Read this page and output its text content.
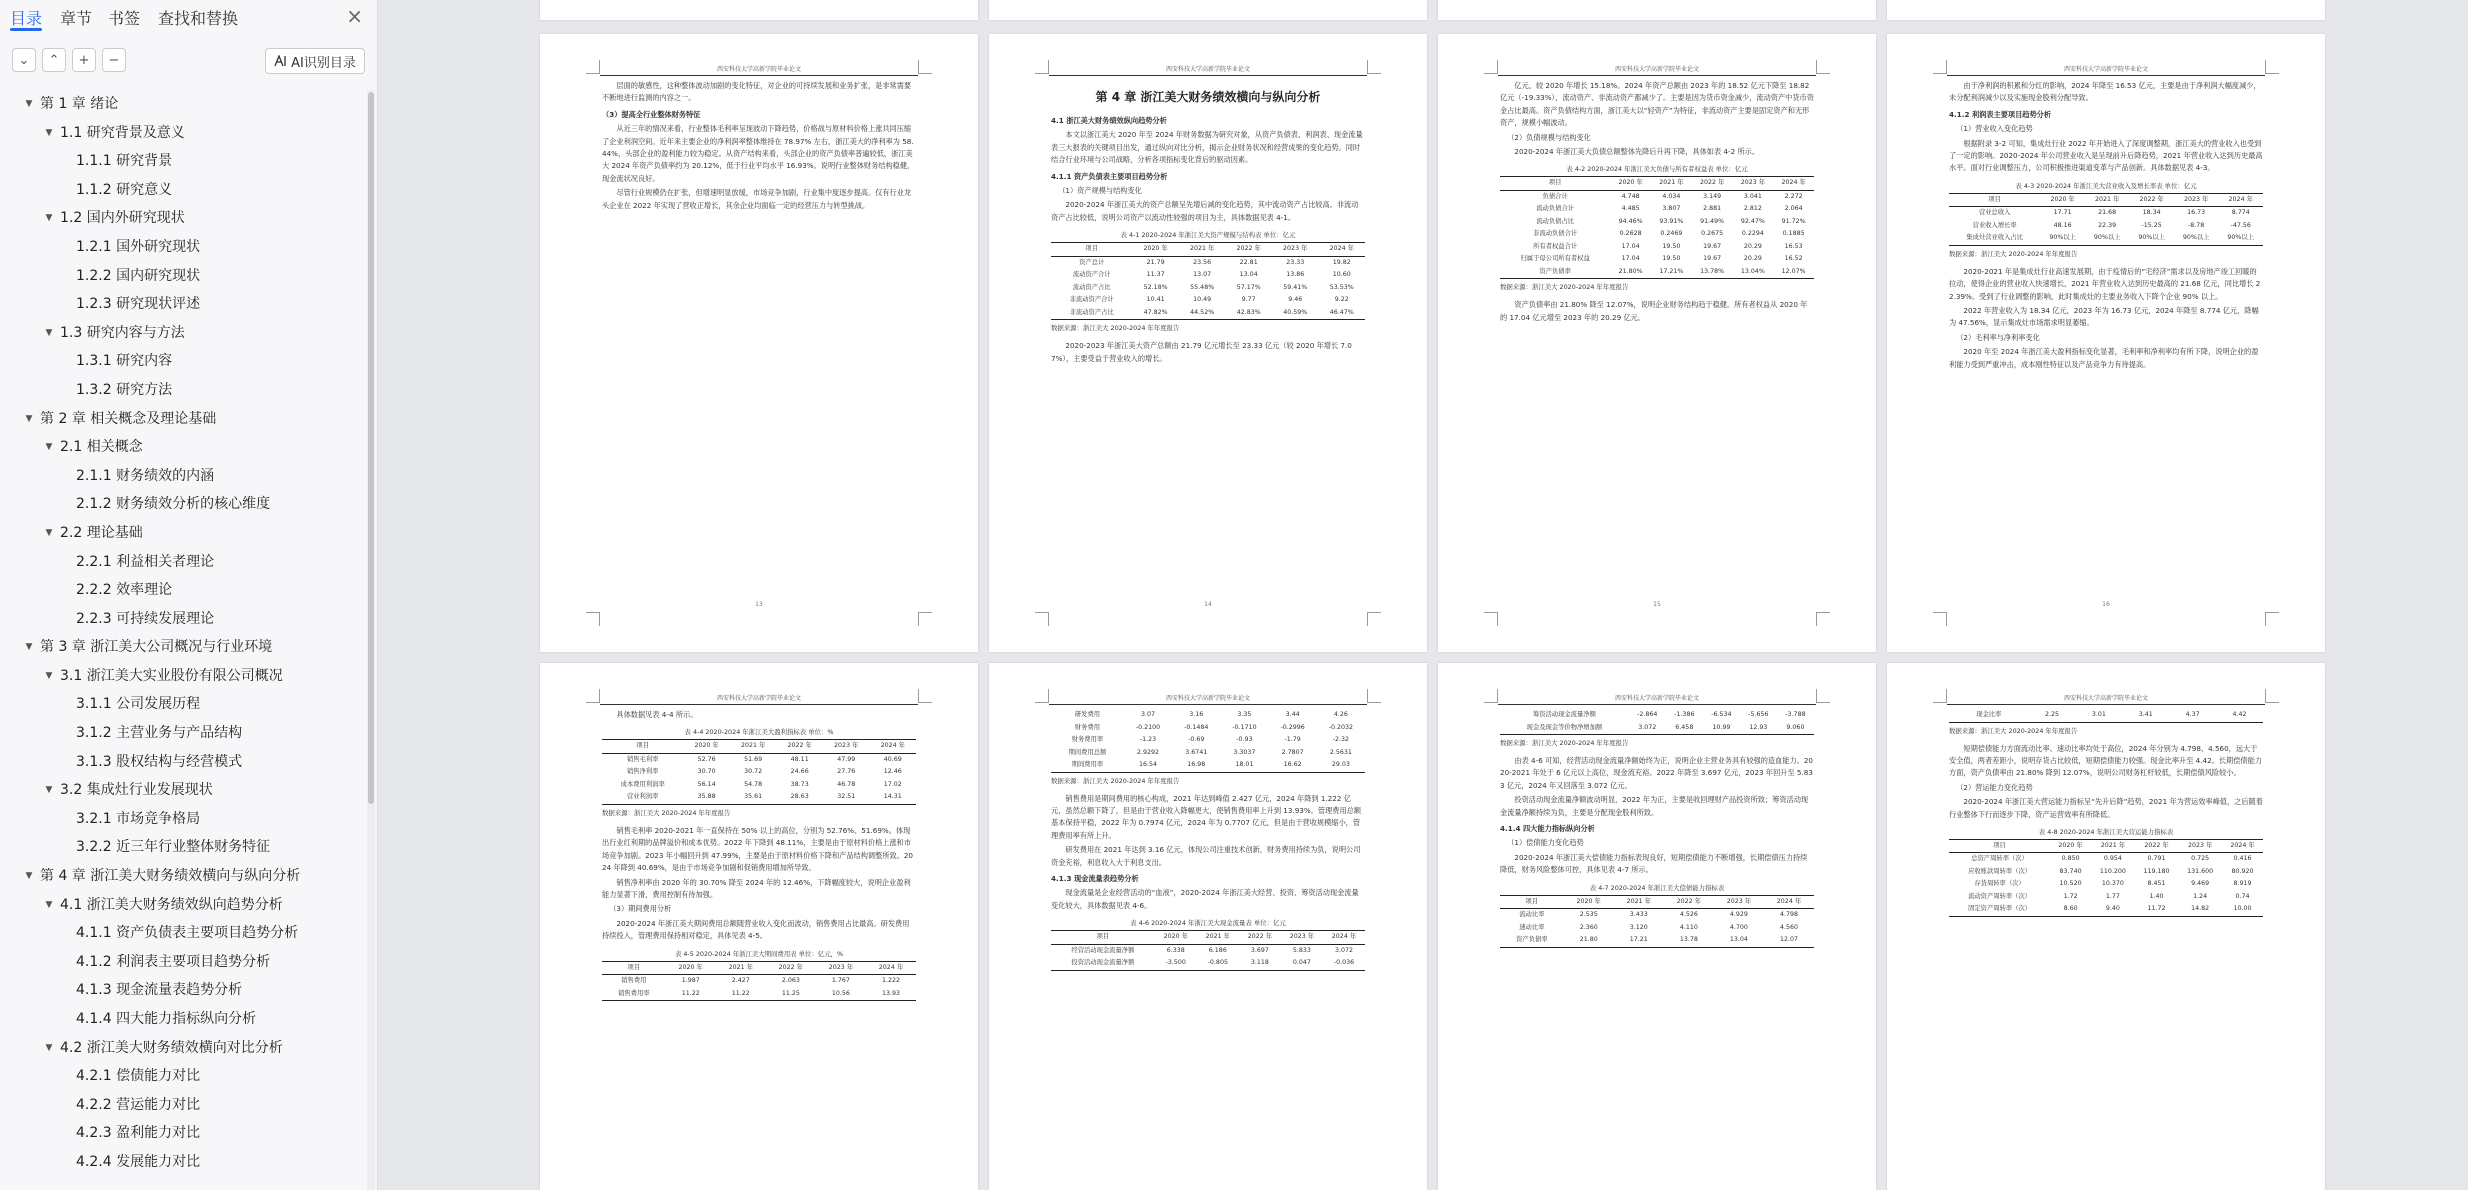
目录 章节 书签 查找和替换	×
⌄	⌃	+	−	AI识别目录
▼ 第 1 章 绪论
▼ 1.1 研究背景及意义
1.1.1 研究背景
1.1.2 研究意义
▼ 1.2 国内外研究现状
1.2.1 国外研究现状
1.2.2 国内研究现状
1.2.3 研究现状评述
▼ 1.3 研究内容与方法
1.3.1 研究内容
1.3.2 研究方法
▼ 第 2 章 相关概念及理论基础
▼ 2.1 相关概念
2.1.1 财务绩效的内涵
2.1.2 财务绩效分析的核心维度
▼ 2.2 理论基础
2.2.1 利益相关者理论
2.2.2 效率理论
2.2.3 可持续发展理论
▼ 第 3 章 浙江美大公司概况与行业环境
▼ 3.1 浙江美大实业股份有限公司概况
3.1.1 公司发展历程
3.1.2 主营业务与产品结构
3.1.3 股权结构与经营模式
▼ 3.2 集成灶行业发展现状
3.2.1 市场竞争格局
3.2.2 近三年行业整体财务特征
▼ 第 4 章 浙江美大财务绩效横向与纵向分析
▼ 4.1 浙江美大财务绩效纵向趋势分析
4.1.1 资产负债表主要项目趋势分析
4.1.2 利润表主要项目趋势分析
4.1.3 现金流量表趋势分析
4.1.4 四大能力指标纵向分析
▼ 4.2 浙江美大财务绩效横向对比分析
4.2.1 偿债能力对比
4.2.2 营运能力对比
4.2.3 盈利能力对比
4.2.4 发展能力对比
西安科技大学高新学院毕业论文
层面的敏感性，这种整体波动加剧的变化特征，对企业的可持续发展和业务扩张，是非常需要不断地进行监测的内容之一。
（3）提高全行业整体财务特征
从近三年的情况来看，行业整体毛利率呈现波动下降趋势，价格战与原材料价格上涨共同压缩了企业利润空间。近年来主要企业的净利润率整体维持在 78.97% 左右，浙江美大的净利率为 58.44%，头部企业的盈利能力较为稳定。从资产结构来看，头部企业的资产负债率普遍较低，浙江美大 2024 年资产负债率约为 20.12%，低于行业平均水平 16.93%。说明行业整体财务结构稳健，现金流状况良好。
尽管行业规模仍在扩张，但增速明显放缓，市场竞争加剧，行业集中度逐步提高。仅有行业龙头企业在 2022 年实现了营收正增长，其余企业均面临一定的经营压力与转型挑战。
13
西安科技大学高新学院毕业论文
第 4 章 浙江美大财务绩效横向与纵向分析
4.1 浙江美大财务绩效纵向趋势分析
本文以浙江美大 2020 年至 2024 年财务数据为研究对象，从资产负债表、利润表、现金流量表三大报表的关键项目出发，通过纵向对比分析，揭示企业财务状况和经营成果的变化趋势。同时结合行业环境与公司战略，分析各项指标变化背后的驱动因素。
4.1.1 资产负债表主要项目趋势分析
（1）资产规模与结构变化
2020-2024 年浙江美大的资产总额呈先增后减的变化趋势，其中流动资产占比较高。非流动资产占比较低，说明公司资产以流动性较强的项目为主，具体数据见表 4-1。
表 4-1 2020-2024 年浙江美大资产规模与结构表 单位：亿元
项目	2020 年	2021 年	2022 年	2023 年	2024 年
资产总计	21.79	23.56	22.81	23.33	19.82
流动资产合计	11.37	13.07	13.04	13.86	10.60
流动资产占比	52.18%	55.48%	57.17%	59.41%	53.53%
非流动资产合计	10.41	10.49	9.77	9.46	9.22
非流动资产占比	47.82%	44.52%	42.83%	40.59%	46.47%
数据来源：浙江美大 2020-2024 年年度报告
2020-2023 年浙江美大资产总额由 21.79 亿元增长至 23.33 亿元（较 2020 年增长 7.07%），主要受益于营业收入的增长。
14
西安科技大学高新学院毕业论文
亿元，较 2020 年增长 15.18%。2024 年资产总额由 2023 年的 18.52 亿元下降至 18.82 亿元（-19.33%），流动资产、非流动资产都减少了。主要是因为货币资金减少，流动资产中货币资金占比最高。资产负债结构方面，浙江美大以“轻资产”为特征，非流动资产主要是固定资产和无形资产，规模小幅波动。
（2）负债规模与结构变化
2020-2024 年浙江美大负债总额整体先降后升再下降，具体如表 4-2 所示。
表 4-2 2020-2024 年浙江美大负债与所有者权益表 单位：亿元
项目	2020 年	2021 年	2022 年	2023 年	2024 年
负债合计	4.748	4.034	3.149	3.041	2.272
流动负债合计	4.485	3.807	2.881	2.812	2.064
流动负债占比	94.46%	93.91%	91.49%	92.47%	91.72%
非流动负债合计	0.2628	0.2469	0.2675	0.2294	0.1885
所有者权益合计	17.04	19.50	19.67	20.29	16.53
归属于母公司所有者权益	17.04	19.50	19.67	20.29	16.52
资产负债率	21.80%	17.21%	13.78%	13.04%	12.07%
数据来源：浙江美大 2020-2024 年年度报告
资产负债率由 21.80% 降至 12.07%，说明企业财务结构趋于稳健。所有者权益从 2020 年的 17.04 亿元增至 2023 年的 20.29 亿元。
15
西安科技大学高新学院毕业论文
由于净利润的积累和分红的影响，2024 年降至 16.53 亿元，主要是由于净利润大幅度减少，未分配利润减少以及实施现金股利分配导致。
4.1.2 利润表主要项目趋势分析
（1）营业收入变化趋势
根据附录 3-2 可知，集成灶行业 2022 年开始进入了深度调整期，浙江美大的营业收入也受到了一定的影响。2020-2024 年公司营业收入是呈现前升后降趋势，2021 年营业收入达到历史最高水平。面对行业调整压力，公司积极推进渠道变革与产品创新。具体数据见表 4-3。
表 4-3 2020-2024 年浙江美大营业收入及增长率表 单位：亿元
项目	2020 年	2021 年	2022 年	2023 年	2024 年
营业总收入	17.71	21.68	18.34	16.73	8.774
营业收入增长率	48.16	22.39	-15.25	-8.78	-47.56
集成灶营业收入占比	90%以上	90%以上	90%以上	90%以上	90%以上
数据来源：浙江美大 2020-2024 年年度报告
2020-2021 年是集成灶行业高速发展期，由于疫情后的“宅经济”需求以及房地产竣工回暖的拉动，使得企业的营业收入快速增长，2021 年营业收入达到历史最高的 21.68 亿元，同比增长 22.39%。受到了行业调整的影响，此时集成灶的主要业务收入下降个企业 90% 以上。
2022 年营业收入为 18.34 亿元，2023 年为 16.73 亿元，2024 年降至 8.774 亿元，降幅为 47.56%，显示集成灶市场需求明显萎缩。
（2）毛利率与净利率变化
2020 年至 2024 年浙江美大盈利指标变化显著，毛利率和净利率均有所下降，说明企业的盈利能力受到严重冲击，成本刚性特征以及产品竞争力有待提高。
16
西安科技大学高新学院毕业论文
具体数据见表 4-4 所示。
表 4-4 2020-2024 年浙江美大盈利指标表 单位：%
项目	2020 年	2021 年	2022 年	2023 年	2024 年
销售毛利率	52.76	51.69	48.11	47.99	40.69
销售净利率	30.70	30.72	24.66	27.76	12.46
成本费用利润率	56.14	54.78	38.73	46.78	17.02
营业利润率	35.88	35.61	28.63	32.51	14.31
数据来源：浙江美大 2020-2024 年年度报告
销售毛利率 2020-2021 年一直保持在 50% 以上的高位，分别为 52.76%、51.69%。体现出行业红利期的品牌溢价和成本优势。2022 年下降到 48.11%，主要是由于原材料价格上涨和市场竞争加剧。2023 年小幅回升到 47.99%，主要是由于原材料价格下降和产品结构调整所致。2024 年降到 40.69%，是由于市场竞争加剧和促销费用增加所导致。
销售净利率由 2020 年的 30.70% 降至 2024 年的 12.46%，下降幅度较大，说明企业盈利能力显著下滑，费用控制有待加强。
（3）期间费用分析
2020-2024 年浙江美大期间费用总额随营业收入变化而波动，销售费用占比最高。研发费用持续投入，管理费用保持相对稳定，具体见表 4-5。
表 4-5 2020-2024 年浙江美大期间费用表 单位：亿元，%
项目	2020 年	2021 年	2022 年	2023 年	2024 年
销售费用	1.987	2.427	2.063	1.767	1.222
销售费用率	11.22	11.22	11.25	10.56	13.93
西安科技大学高新学院毕业论文
研发费用	3.07	3.16	3.35	3.44	4.26
财务费用	-0.2100	-0.1484	-0.1710	-0.2996	-0.2032
财务费用率	-1.23	-0.69	-0.93	-1.79	-2.32
期间费用总额	2.9292	3.6741	3.3037	2.7807	2.5631
期间费用率	16.54	16.98	18.01	16.62	29.03
数据来源：浙江美大 2020-2024 年年度报告
销售费用是期间费用的核心构成，2021 年达到峰值 2.427 亿元，2024 年降到 1.222 亿元，虽然总额下降了，但是由于营业收入降幅更大，使销售费用率上升到 13.93%。管理费用总额基本保持平稳，2022 年为 0.7974 亿元，2024 年为 0.7707 亿元，但是由于营收规模缩小，管理费用率有所上升。
研发费用在 2021 年达到 3.16 亿元，体现公司注重技术创新，财务费用持续为负，说明公司资金充裕，利息收入大于利息支出。
4.1.3 现金流量表趋势分析
现金流量是企业经营活动的“血液”，2020-2024 年浙江美大经营、投资、筹资活动现金流量变化较大，具体数据见表 4-6。
表 4-6 2020-2024 年浙江美大现金流量表 单位：亿元
项目	2020 年	2021 年	2022 年	2023 年	2024 年
经营活动现金流量净额	6.338	6.186	3.697	5.833	3.072
投资活动现金流量净额	-3.500	-0.805	3.118	0.047	-0.036
西安科技大学高新学院毕业论文
筹资活动现金流量净额	-2.864	-1.386	-6.534	-5.656	-3.788
现金及现金等价物净增加额	3.072	6.458	10.99	12.93	9.060
数据来源：浙江美大 2020-2024 年年度报告
由表 4-6 可知，经营活动现金流量净额始终为正，说明企业主营业务具有较强的造血能力。2020-2021 年处于 6 亿元以上高位，现金流充裕。2022 年降至 3.697 亿元，2023 年回升至 5.833 亿元，2024 年又回落至 3.072 亿元。
投资活动现金流量净额波动明显，2022 年为正，主要是收回理财产品投资所致；筹资活动现金流量净额持续为负，主要是分配现金股利所致。
4.1.4 四大能力指标纵向分析
（1）偿债能力变化趋势
2020-2024 年浙江美大偿债能力指标表现良好，短期偿债能力不断增强，长期偿债压力持续降低，财务风险整体可控，具体见表 4-7 所示。
表 4-7 2020-2024 年浙江美大偿债能力指标表
项目	2020 年	2021 年	2022 年	2023 年	2024 年
流动比率	2.535	3.433	4.526	4.929	4.798
速动比率	2.360	3.120	4.110	4.700	4.560
资产负债率	21.80	17.21	13.78	13.04	12.07
西安科技大学高新学院毕业论文
现金比率	2.25	3.01	3.41	4.37	4.42
数据来源：浙江美大 2020-2024 年年度报告
短期偿债能力方面流动比率、速动比率均处于高位，2024 年分别为 4.798、4.560，远大于安全值，两者差距小，说明存货占比较低，短期偿债能力较强。现金比率升至 4.42。长期偿债能力方面，资产负债率由 21.80% 降到 12.07%，说明公司财务杠杆较低，长期偿债风险较小。
（2）营运能力变化趋势
2020-2024 年浙江美大营运能力指标呈“先升后降”趋势，2021 年为营运效率峰值，之后随着行业整体下行而逐步下降，资产运营效率有所降低。
表 4-8 2020-2024 年浙江美大营运能力指标表
项目	2020 年	2021 年	2022 年	2023 年	2024 年
总资产周转率（次）	0.850	0.954	0.791	0.725	0.416
应收账款周转率（次）	83.740	110.200	119.180	131.600	80.920
存货周转率（次）	10.520	10.370	8.451	9.469	8.919
流动资产周转率（次）	1.72	1.77	1.40	1.24	0.74
固定资产周转率（次）	8.60	9.40	11.72	14.82	10.00
